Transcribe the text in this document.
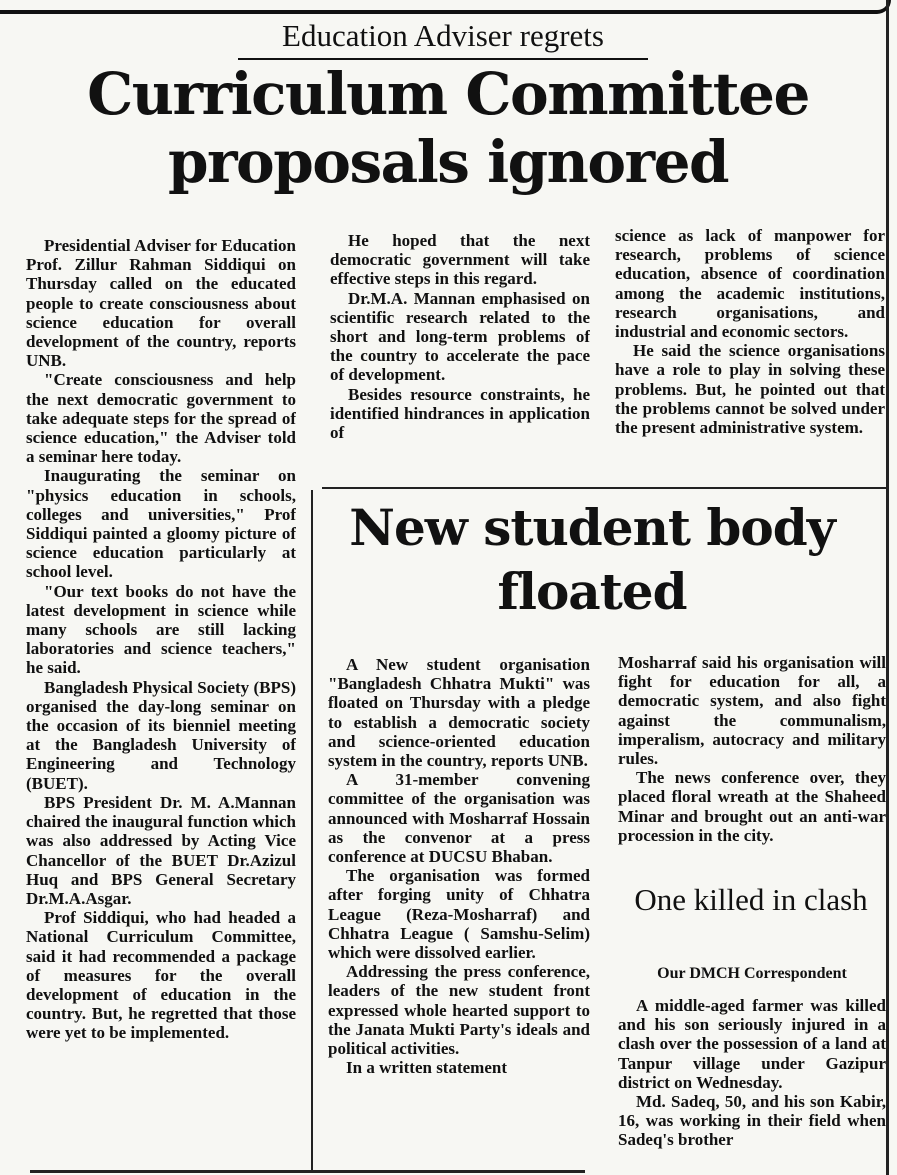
Education Adviser regrets
Curriculum Committee proposals ignored

Presidential Adviser for Education Prof. Zillur Rahman Siddiqui on Thursday called on the educated people to create consciousness about science education for overall development of the country, reports UNB.

"Create consciousness and help the next democratic government to take adequate steps for the spread of science education," the Adviser told a seminar here today.

Inaugurating the seminar on "physics education in schools, colleges and universities," Prof Siddiqui painted a gloomy picture of science education particularly at school level.

"Our text books do not have the latest development in science while many schools are still lacking laboratories and science teachers," he said.

Bangladesh Physical Society (BPS) organised the day-long seminar on the occasion of its bienniel meeting at the Bangladesh University of Engineering and Technology (BUET).

BPS President Dr. M. A.Mannan chaired the inaugural function which was also addressed by Acting Vice Chancellor of the BUET Dr.Azizul Huq and BPS General Secretary Dr.M.A.Asgar.

Prof Siddiqui, who had headed a National Curriculum Committee, said it had recommended a package of measures for the overall development of education in the country. But, he regretted that those were yet to be implemented.

He hoped that the next democratic government will take effective steps in this regard.

Dr.M.A. Mannan emphasised on scientific research related to the short and long-term problems of the country to accelerate the pace of development.

Besides resource constraints, he identified hindrances in application of

science as lack of manpower for research, problems of science education, absence of coordination among the academic institutions, research organisations, and industrial and economic sectors.

He said the science organisations have a role to play in solving these problems. But, he pointed out that the problems cannot be solved under the present administrative system.

New student body floated

A New student organisation "Bangladesh Chhatra Mukti" was floated on Thursday with a pledge to establish a democratic society and science-oriented education system in the country, reports UNB.

A 31-member convening committee of the organisation was announced with Mosharraf Hossain as the convenor at a press conference at DUCSU Bhaban.

The organisation was formed after forging unity of Chhatra League (Reza-Mosharraf) and Chhatra League ( Samshu-Selim) which were dissolved earlier.

Addressing the press conference, leaders of the new student front expressed whole hearted support to the Janata Mukti Party's ideals and political activities.

In a written statement

Mosharraf said his organisation will fight for education for all, a democratic system, and also fight against the communalism, imperalism, autocracy and military rules.

The news conference over, they placed floral wreath at the Shaheed Minar and brought out an anti-war procession in the city.

One killed in clash
Our DMCH Correspondent

A middle-aged farmer was killed and his son seriously injured in a clash over the possession of a land at Tanpur village under Gazipur district on Wednesday.

Md. Sadeq, 50, and his son Kabir, 16, was working in their field when Sadeq's brother
